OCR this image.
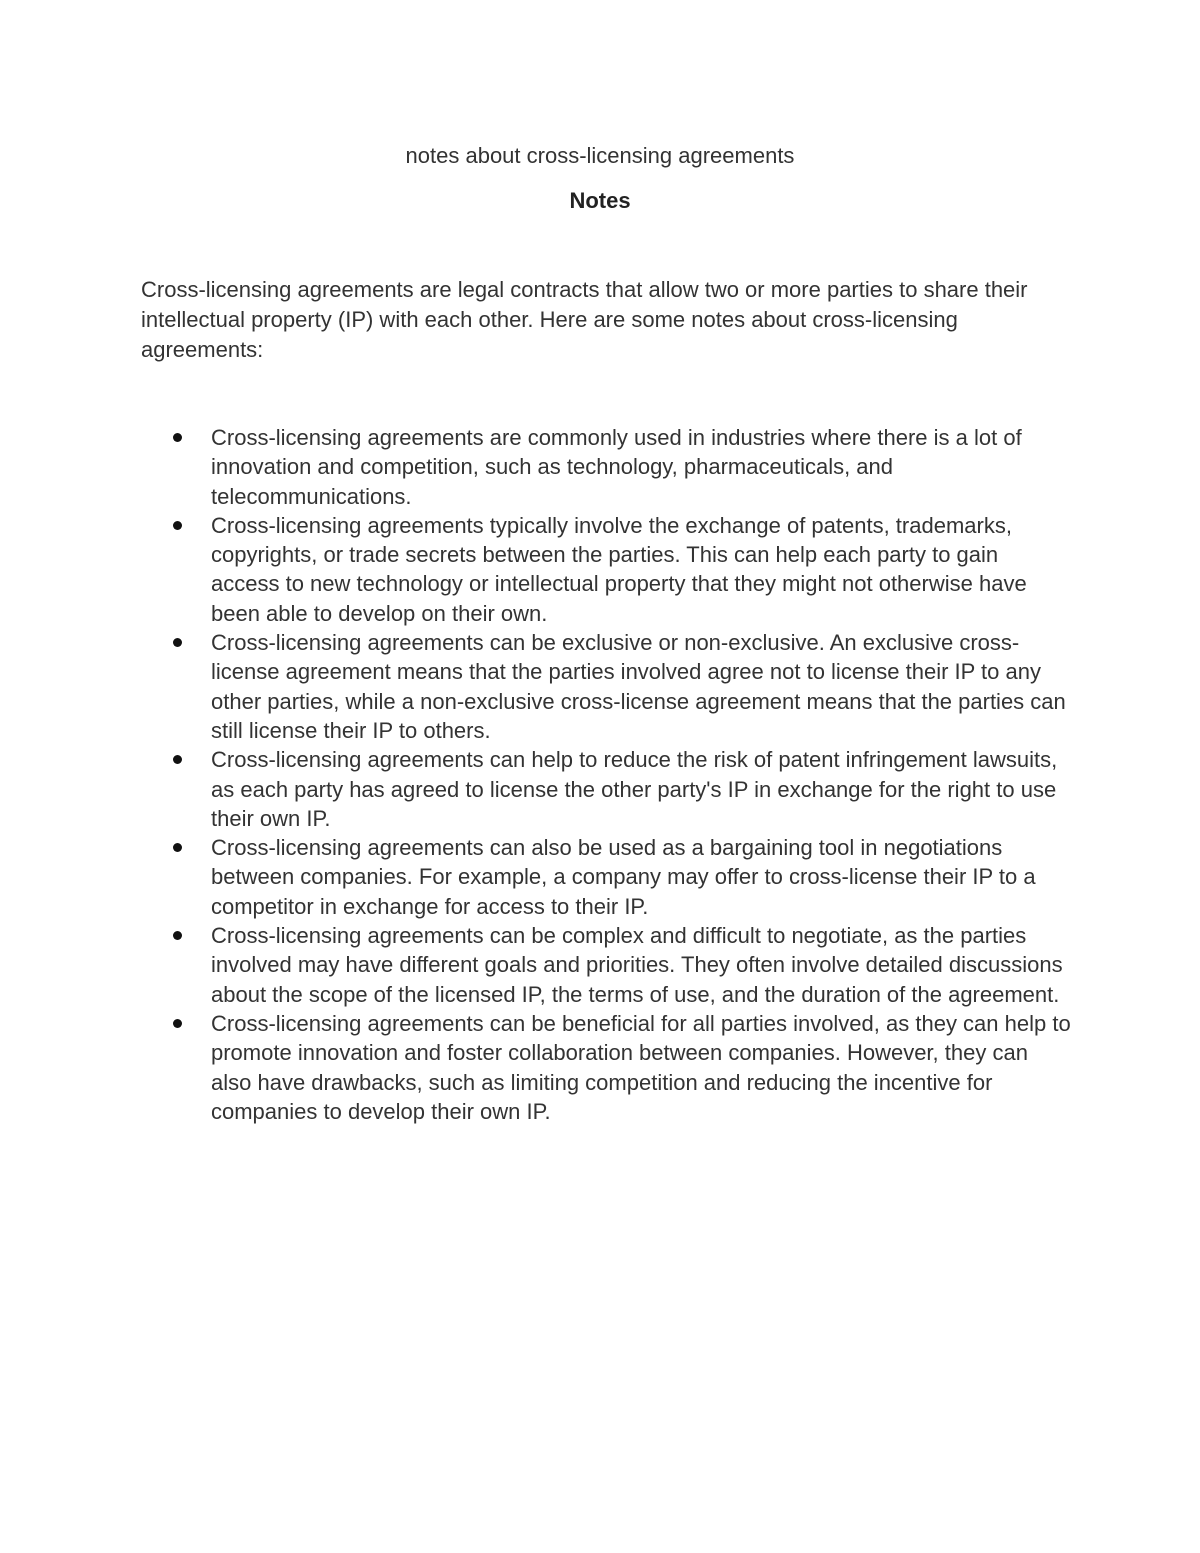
notes about cross-licensing agreements
Notes

Cross-licensing agreements are legal contracts that allow two or more parties to share their intellectual property (IP) with each other. Here are some notes about cross-licensing agreements:

Cross-licensing agreements are commonly used in industries where there is a lot of innovation and competition, such as technology, pharmaceuticals, and telecommunications.
Cross-licensing agreements typically involve the exchange of patents, trademarks, copyrights, or trade secrets between the parties. This can help each party to gain access to new technology or intellectual property that they might not otherwise have been able to develop on their own.
Cross-licensing agreements can be exclusive or non-exclusive. An exclusive cross-license agreement means that the parties involved agree not to license their IP to any other parties, while a non-exclusive cross-license agreement means that the parties can still license their IP to others.
Cross-licensing agreements can help to reduce the risk of patent infringement lawsuits, as each party has agreed to license the other party's IP in exchange for the right to use their own IP.
Cross-licensing agreements can also be used as a bargaining tool in negotiations between companies. For example, a company may offer to cross-license their IP to a competitor in exchange for access to their IP.
Cross-licensing agreements can be complex and difficult to negotiate, as the parties involved may have different goals and priorities. They often involve detailed discussions about the scope of the licensed IP, the terms of use, and the duration of the agreement.
Cross-licensing agreements can be beneficial for all parties involved, as they can help to promote innovation and foster collaboration between companies. However, they can also have drawbacks, such as limiting competition and reducing the incentive for companies to develop their own IP.
